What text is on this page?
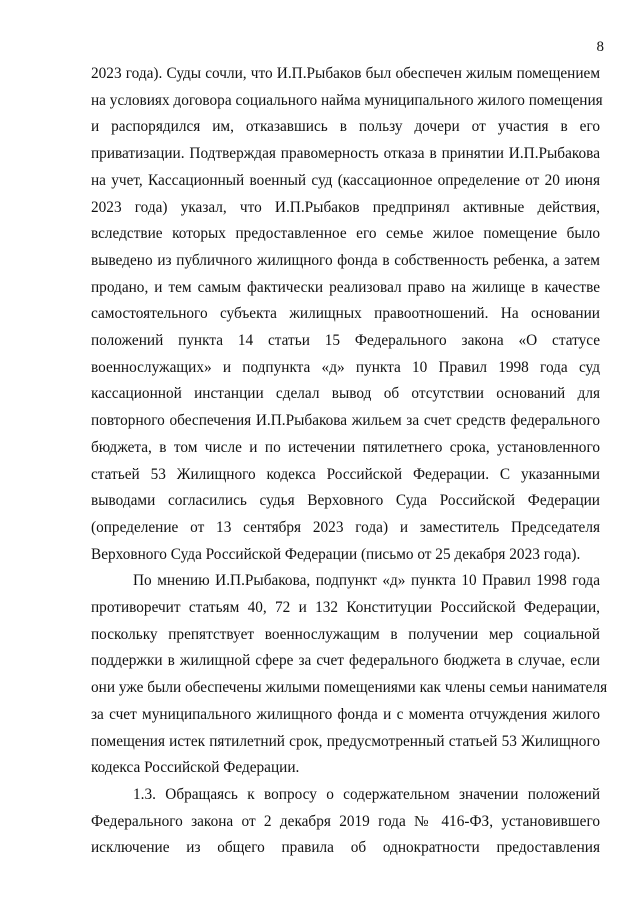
8
2023 года). Суды сочли, что И.П.Рыбаков был обеспечен жилым помещением
на условиях договора социального найма муниципального жилого помещения
и распорядился им, отказавшись в пользу дочери от участия в его
приватизации. Подтверждая правомерность отказа в принятии И.П.Рыбакова
на учет, Кассационный военный суд (кассационное определение от 20 июня
2023 года) указал, что И.П.Рыбаков предпринял активные действия,
вследствие которых предоставленное его семье жилое помещение было
выведено из публичного жилищного фонда в собственность ребенка, а затем
продано, и тем самым фактически реализовал право на жилище в качестве
самостоятельного субъекта жилищных правоотношений. На основании
положений пункта 14 статьи 15 Федерального закона «О статусе
военнослужащих» и подпункта «д» пункта 10 Правил 1998 года суд
кассационной инстанции сделал вывод об отсутствии оснований для
повторного обеспечения И.П.Рыбакова жильем за счет средств федерального
бюджета, в том числе и по истечении пятилетнего срока, установленного
статьей 53 Жилищного кодекса Российской Федерации. С указанными
выводами согласились судья Верховного Суда Российской Федерации
(определение от 13 сентября 2023 года) и заместитель Председателя
Верховного Суда Российской Федерации (письмо от 25 декабря 2023 года).
По мнению И.П.Рыбакова, подпункт «д» пункта 10 Правил 1998 года
противоречит статьям 40, 72 и 132 Конституции Российской Федерации,
поскольку препятствует военнослужащим в получении мер социальной
поддержки в жилищной сфере за счет федерального бюджета в случае, если
они уже были обеспечены жилыми помещениями как члены семьи нанимателя
за счет муниципального жилищного фонда и с момента отчуждения жилого
помещения истек пятилетний срок, предусмотренный статьей 53 Жилищного
кодекса Российской Федерации.
1.3. Обращаясь к вопросу о содержательном значении положений
Федерального закона от 2 декабря 2019 года № 416-ФЗ, установившего
исключение из общего правила об однократности предоставления
